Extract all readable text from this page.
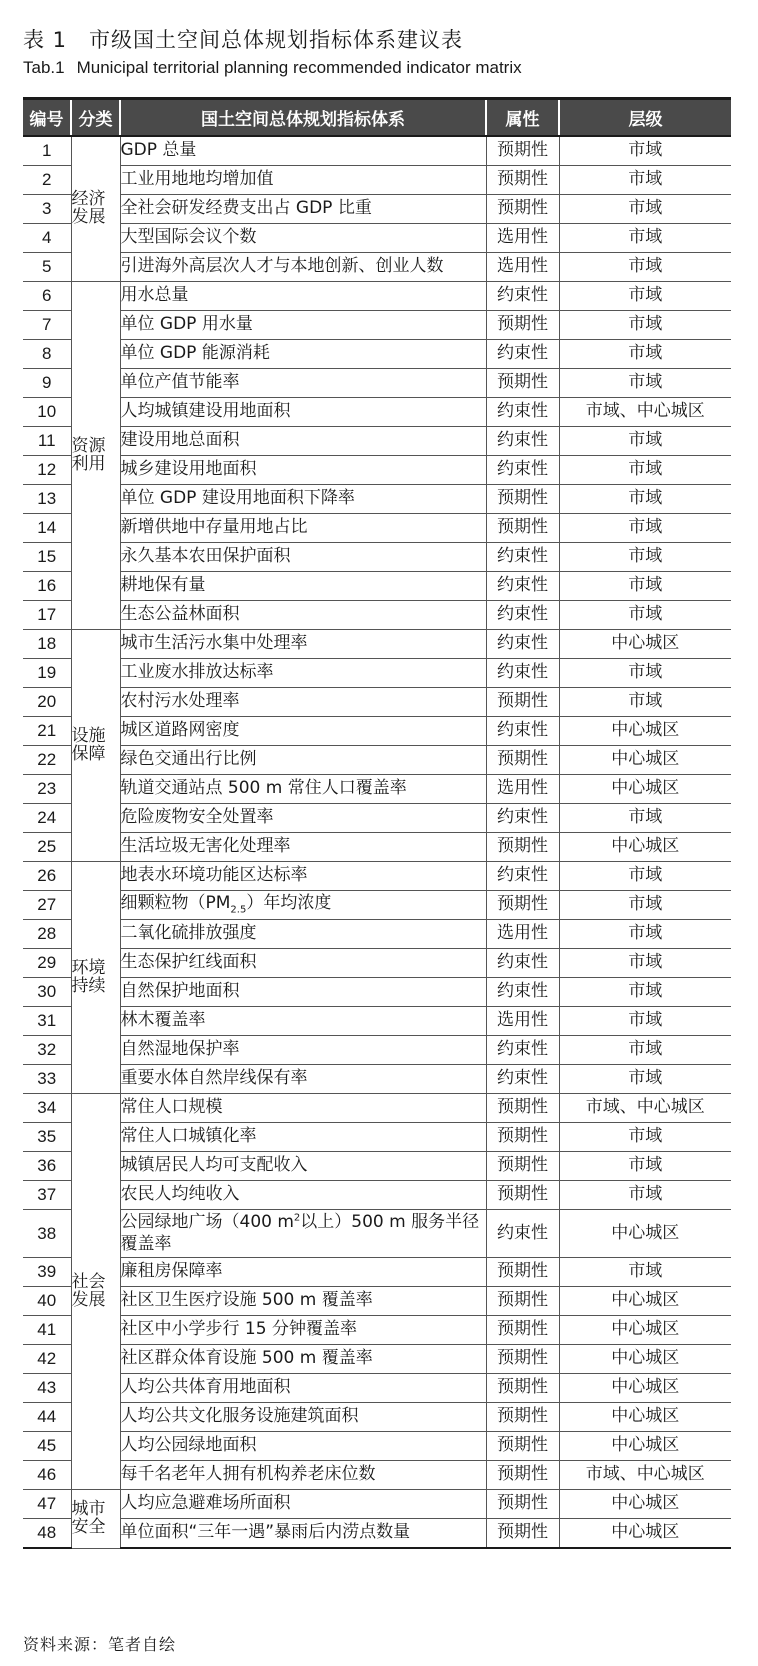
表 1 市级国土空间总体规划指标体系建议表
Tab.1 Municipal territorial planning recommended indicator matrix
编号	分类	国土空间总体规划指标体系	属性	层级
1	经济发展	GDP 总量	预期性	市域
2		工业用地地均增加值	预期性	市域
3		全社会研发经费支出占 GDP 比重	预期性	市域
4		大型国际会议个数	选用性	市域
5		引进海外高层次人才与本地创新、创业人数	选用性	市域
6	资源利用	用水总量	约束性	市域
7		单位 GDP 用水量	预期性	市域
8		单位 GDP 能源消耗	约束性	市域
9		单位产值节能率	预期性	市域
10		人均城镇建设用地面积	约束性	市域、中心城区
11		建设用地总面积	约束性	市域
12		城乡建设用地面积	约束性	市域
13		单位 GDP 建设用地面积下降率	预期性	市域
14		新增供地中存量用地占比	预期性	市域
15		永久基本农田保护面积	约束性	市域
16		耕地保有量	约束性	市域
17		生态公益林面积	约束性	市域
18	设施保障	城市生活污水集中处理率	约束性	中心城区
19		工业废水排放达标率	约束性	市域
20		农村污水处理率	预期性	市域
21		城区道路网密度	约束性	中心城区
22		绿色交通出行比例	预期性	中心城区
23		轨道交通站点 500 m 常住人口覆盖率	选用性	中心城区
24		危险废物安全处置率	约束性	市域
25		生活垃圾无害化处理率	预期性	中心城区
26	环境持续	地表水环境功能区达标率	约束性	市域
27		细颗粒物$(PM_{2.5})$年均浓度	预期性	市域
28		二氧化硫排放强度	选用性	市域
29		生态保护红线面积	约束性	市域
30		自然保护地面积	约束性	市域
31		林木覆盖率	选用性	市域
32		自然湿地保护率	约束性	市域
33		重要水体自然岸线保有率	约束性	市域
34	社会发展	常住人口规模	预期性	市域、中心城区
35		常住人口城镇化率	预期性	市域
36		城镇居民人均可支配收入	预期性	市域
37		农民人均纯收入	预期性	市域
38		公园绿地广场（400 $m^2$以上）500 m 服务半径覆盖率	约束性	中心城区
39		廉租房保障率	预期性	市域
40		社区卫生医疗设施 500 m 覆盖率	预期性	中心城区
41		社区中小学步行 15 分钟覆盖率	预期性	中心城区
42		社区群众体育设施 500 m 覆盖率	预期性	中心城区
43		人均公共体育用地面积	预期性	中心城区
44		人均公共文化服务设施建筑面积	预期性	中心城区
45		人均公园绿地面积	预期性	中心城区
46		每千名老年人拥有机构养老床位数	预期性	市域、中心城区
47	城市安全	人均应急避难场所面积	预期性	中心城区
48		单位面积“三年一遇”暴雨后内涝点数量	预期性	中心城区
资料来源：笔者自绘
